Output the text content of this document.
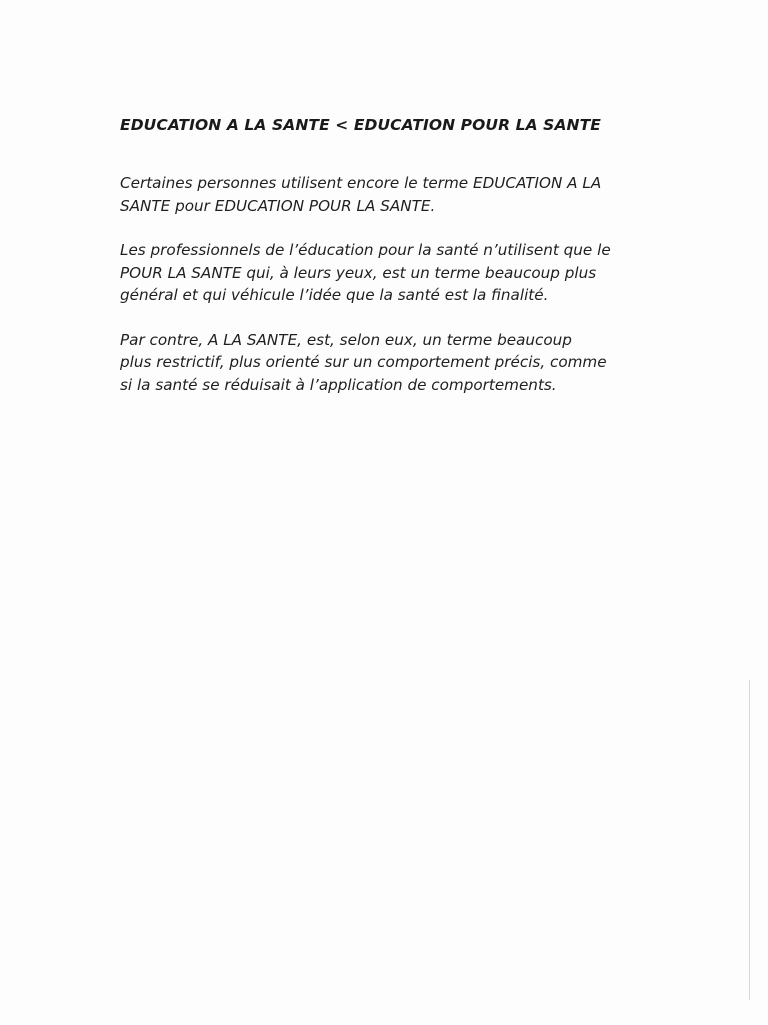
EDUCATION A LA SANTE < EDUCATION POUR LA SANTE

Certaines personnes utilisent encore le terme EDUCATION A LA
SANTE pour EDUCATION POUR LA SANTE.

Les professionnels de l’éducation pour la santé n’utilisent que le
POUR LA SANTE qui, à leurs yeux, est un terme beaucoup plus
général et qui véhicule l’idée que la santé est la finalité.

Par contre, A LA SANTE, est, selon eux, un terme beaucoup
plus restrictif, plus orienté sur un comportement précis, comme
si la santé se réduisait à l’application de comportements.
